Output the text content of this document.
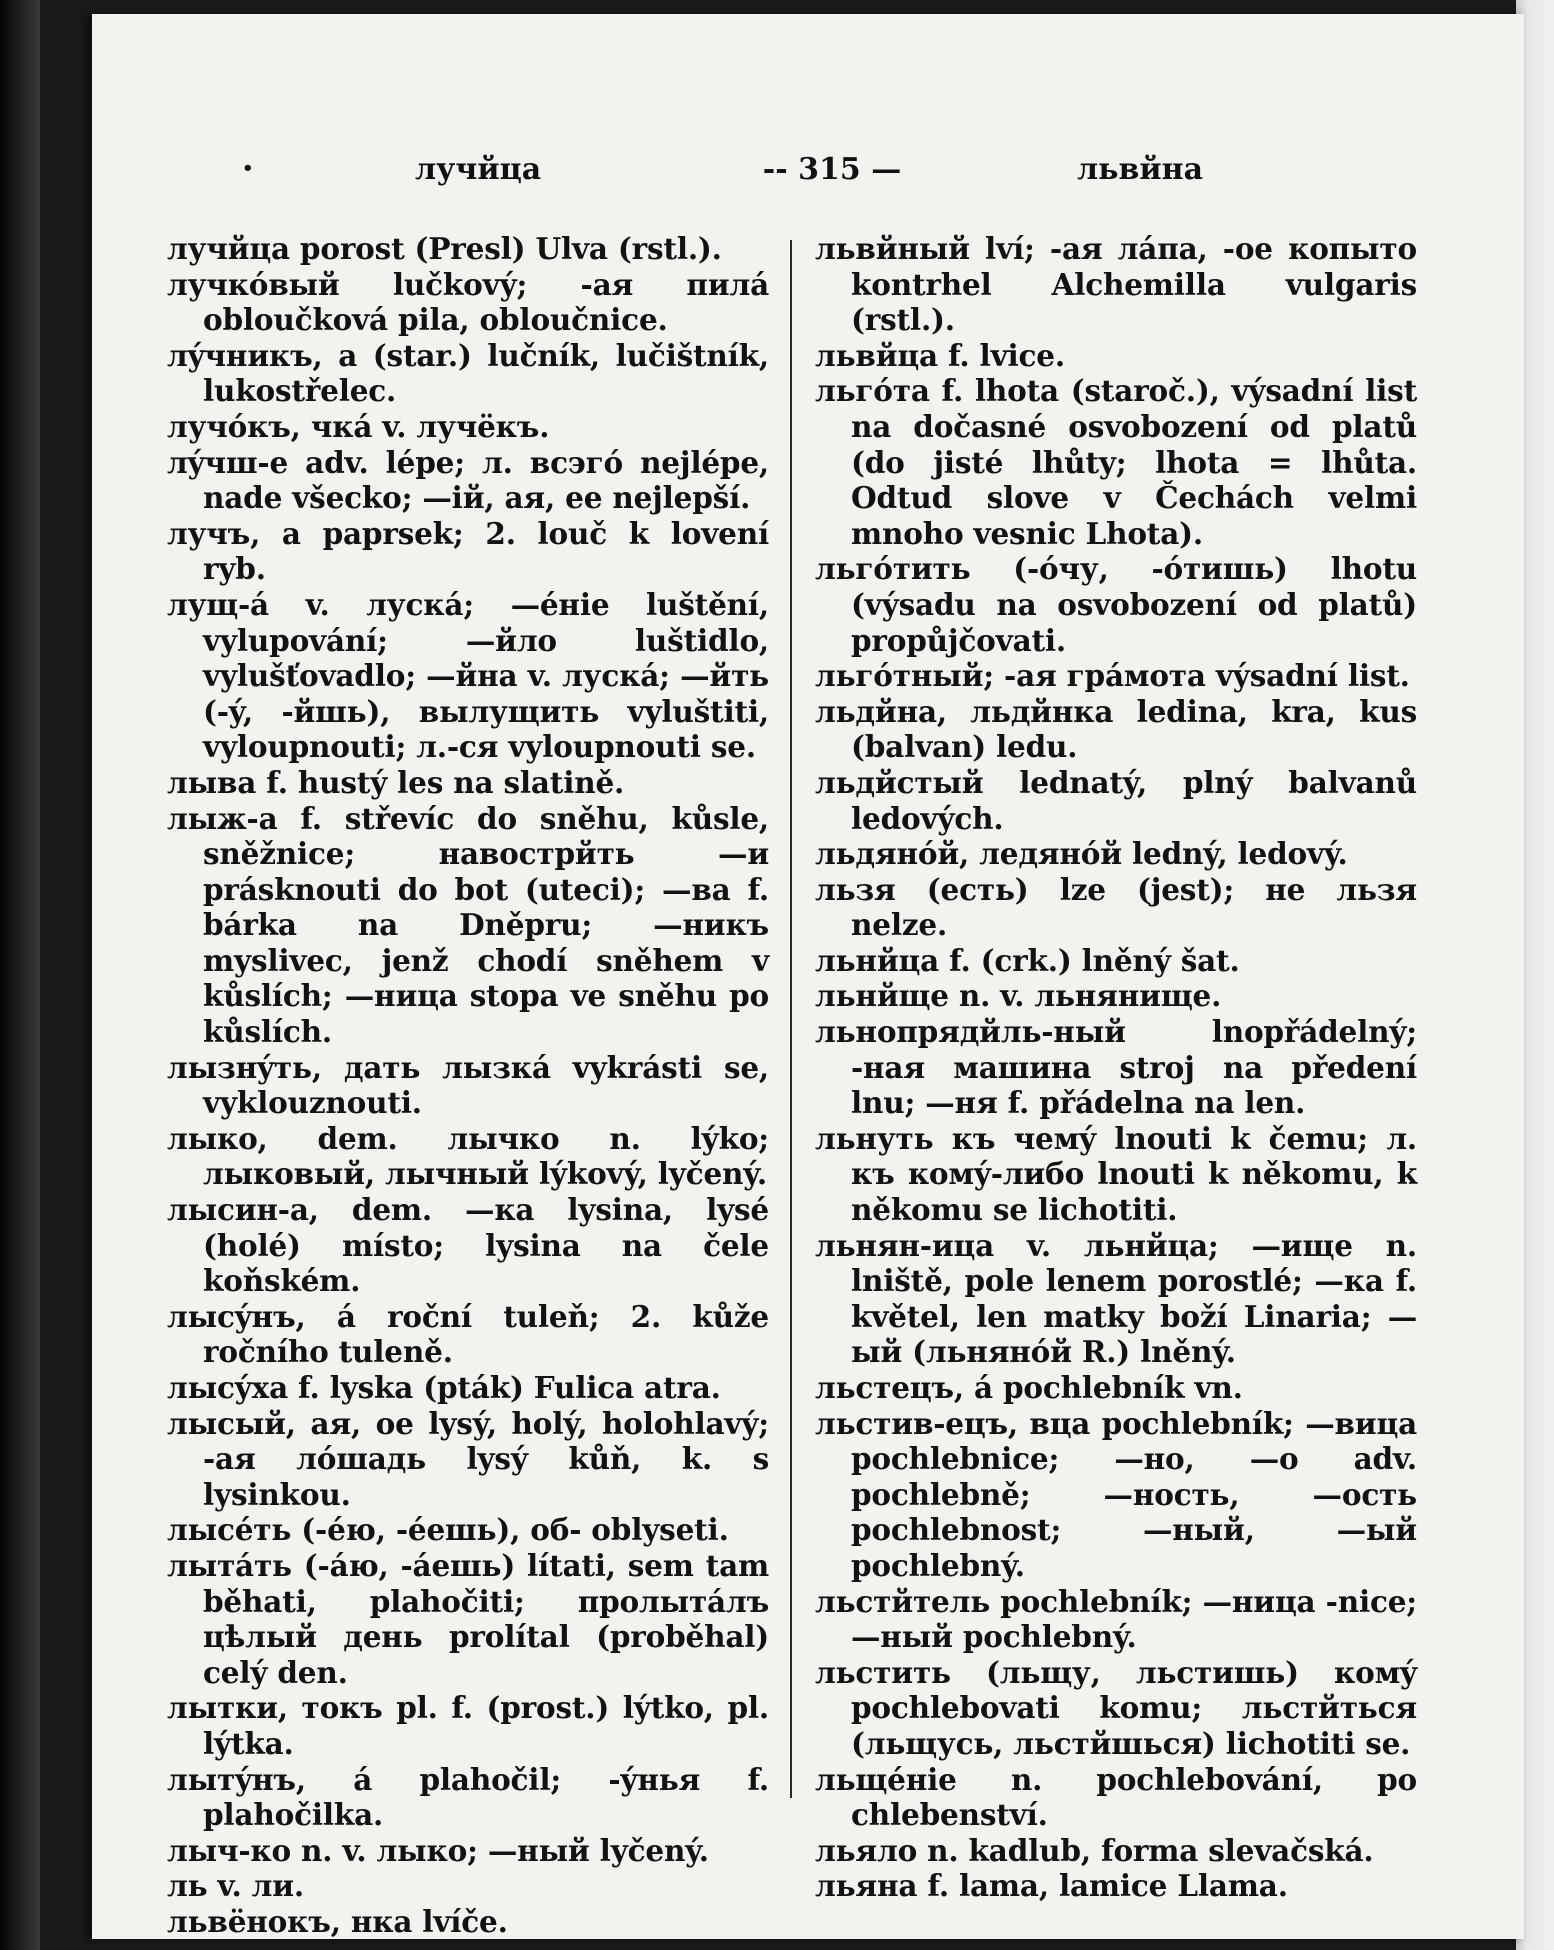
•	лучйца	-- 315 —	львйна
лучйца porost (Presl) Ulva (rstl.).
лучкóвый lučkový; -ая пилá obloučková pila, obloučnice.
лýчникъ, a (star.) lučník, lučištník, lukostřelec.
лучóкъ, чкá v. лучёкъ.
лýчш-е adv. lépe; л. всэгó nejlépe, nade všecko; —ій, ая, ее nejlepší.
лучъ, a paprsek; 2. louč k lovení ryb.
лущ-á v. лускá; —éніе luštění, vylupování; —йло luštidlo, vylušťovadlo; —йна v. лускá; —йть (-ý, -йшь), вылущить vyluštiti, vyloupnouti; л.-ся vyloupnouti se.
лыва f. hustý les na slatině.
лыж-а f. střevíc do sněhu, kůsle, sněžnice; навострйть —и prásknouti do bot (uteci); —ва f. bárka na Dněpru; —никъ myslivec, jenž chodí sněhem v kůslích; —ница stopa ve sněhu po kůslích.
лызнýть, дать лызкá vykrásti se, vyklouznouti.
лыко, dem. лычко n. lýko; лыковый, лычный lýkový, lyčený.
лысин-а, dem. —ка lysina, lysé (holé) místo; lysina na čele koňském.
лысýнъ, á roční tuleň; 2. kůže ročního tuleně.
лысýха f. lyska (pták) Fulica atra.
лысый, ая, ое lysý, holý, holohlavý; -ая лóшадь lysý kůň, k. s lysinkou.
лысéть (-éю, -éешь), об- oblyseti.
лытáть (-áю, -áешь) lítati, sem tam běhati, plahočiti; пролытáлъ цѣлый день prolítal (proběhal) celý den.
лытки, токъ pl. f. (prost.) lýtko, pl. lýtka.
лытýнъ, á plahočil; -ýнья f. plahočilka.
лыч-ко n. v. лыко; —ный lyčený.
ль v. ли.
львёнокъ, нка lvíče.
львйный lví; -ая лáпа, -ое копыто kontrhel Alchemilla vulgaris (rstl.).
львйца f. lvice.
льгóта f. lhota (staroč.), výsadní list na dočasné osvobození od platů (do jisté lhůty; lhota = lhůta. Odtud slove v Čechách velmi mnoho vesnic Lhota).
льгóтить (-óчу, -óтишь) lhotu (výsadu na osvobození od platů) propůjčovati.
льгóтный; -ая грáмота výsadní list.
льдйна, льдйнка ledina, kra, kus (balvan) ledu.
льдйстый lednatý, plný balvanů ledových.
льдянóй, ледянóй ledný, ledový.
льзя (есть) lze (jest); не льзя nelze.
льнйца f. (crk.) lněný šat.
льнйще n. v. льнянище.
льнопрядйль-ный lnopřádelný; -ная машина stroj na předení lnu; —ня f. přádelna na len.
льнуть къ чемý lnouti k čemu; л. къ комý-либо lnouti k někomu, k někomu se lichotiti.
льнян-ица v. льнйца; —ище n. lniště, pole lenem porostlé; —ка f. květel, len matky boží Linaria; —ый (льнянóй R.) lněný.
льстецъ, á pochlebník vn.
льстив-ецъ, вца pochlebník; —вица pochlebnice; —но, —о adv. pochlebně; —ность, —ость pochlebnost; —ный, —ый pochlebný.
льстйтель pochlebník; —ница -nice; —ный pochlebný.
льстить (льщу, льстишь) комý pochlebovati komu; льстйться (льщусь, льстйшься) lichotiti se.
льщéніе n. pochlebování, po chlebenství.
льяло n. kadlub, forma slevačská.
льяна f. lama, lamice Llama.
